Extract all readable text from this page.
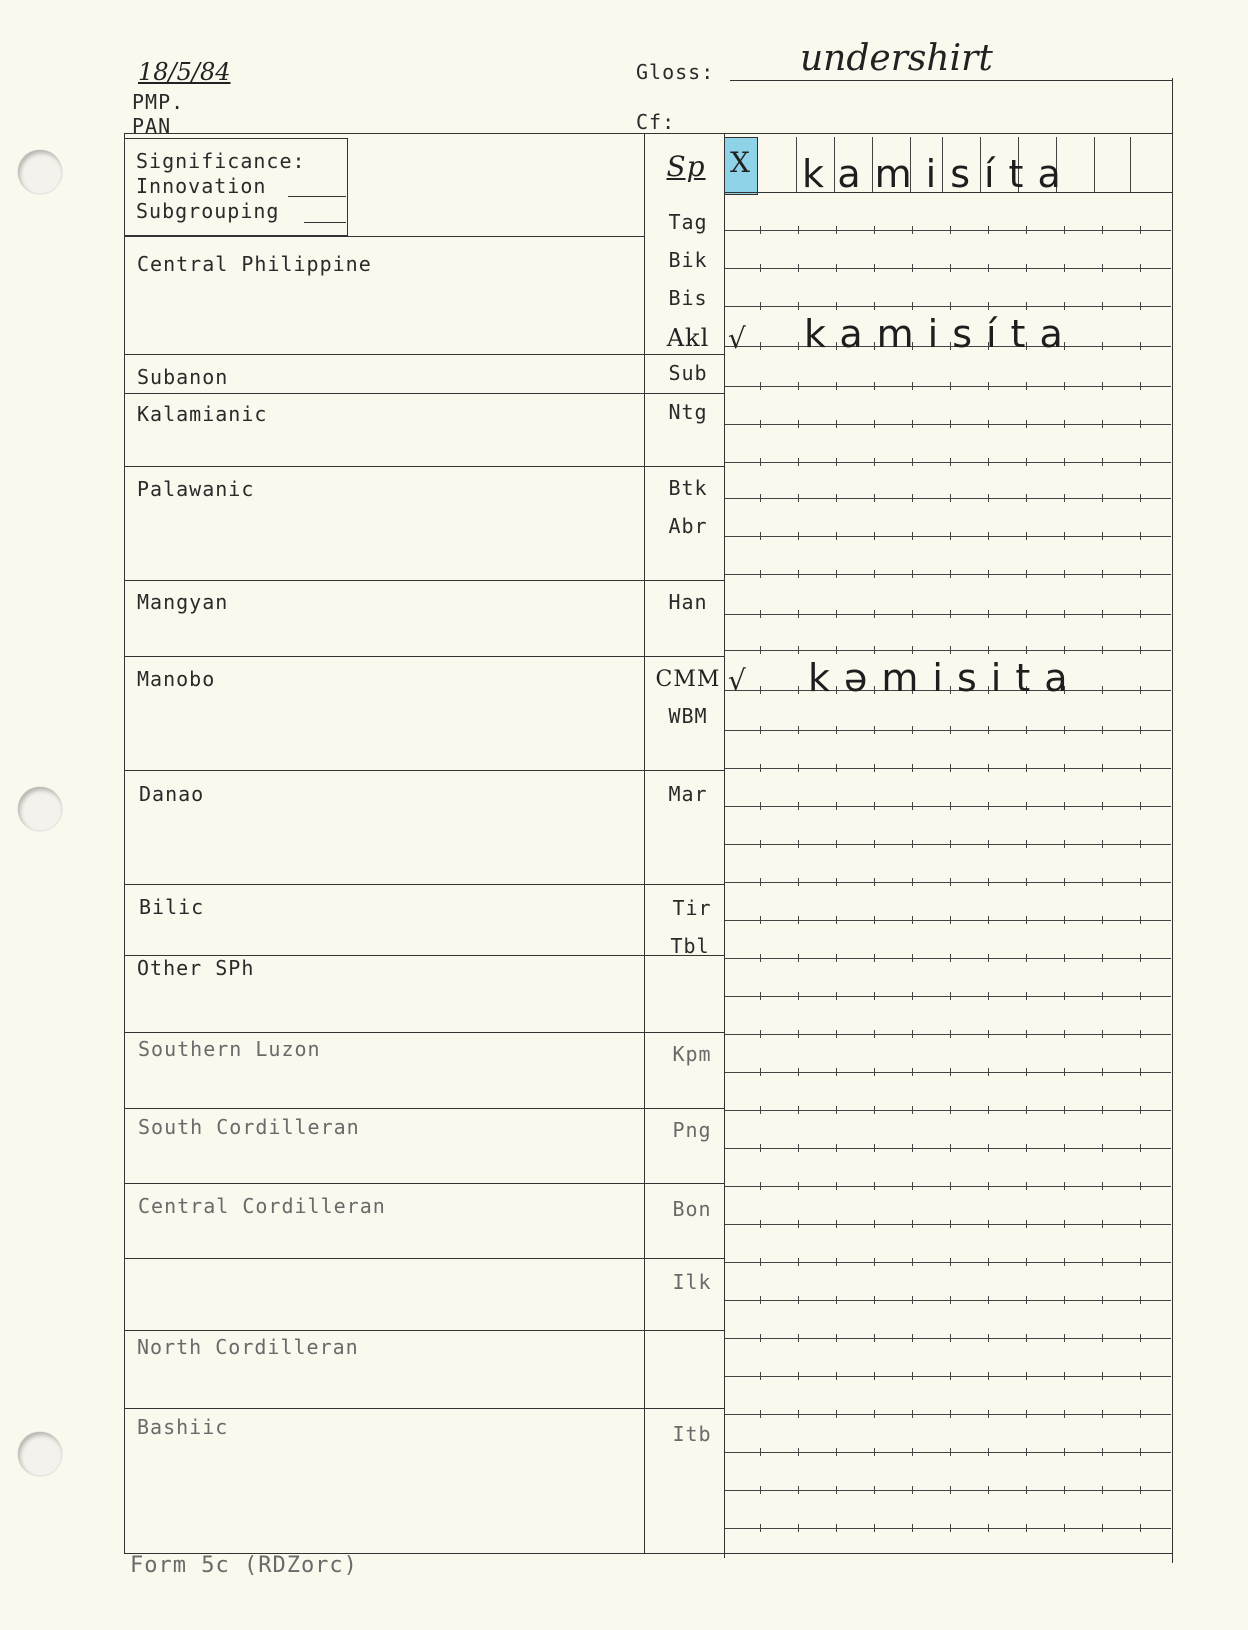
18/5/84
PMP.
PAN
Gloss: undershirt
Cf:
Significance:
Innovation
Subgrouping
Central Philippine
Subanon
Kalamianic
Palawanic
Mangyan
Manobo
Danao
Bilic
Other SPh
Southern Luzon
South Cordilleran
Central Cordilleran
North Cordilleran
Bashiic
Sp
Tag
Bik
Bis
Akl
Sub
Ntg
Btk
Abr
Han
CMM
WBM
Mar
Tir
Tbl
Kpm
Png
Bon
Ilk
Itb
X kamisíta
√ kamisíta
√ kəmisita
Form 5c (RDZorc)
